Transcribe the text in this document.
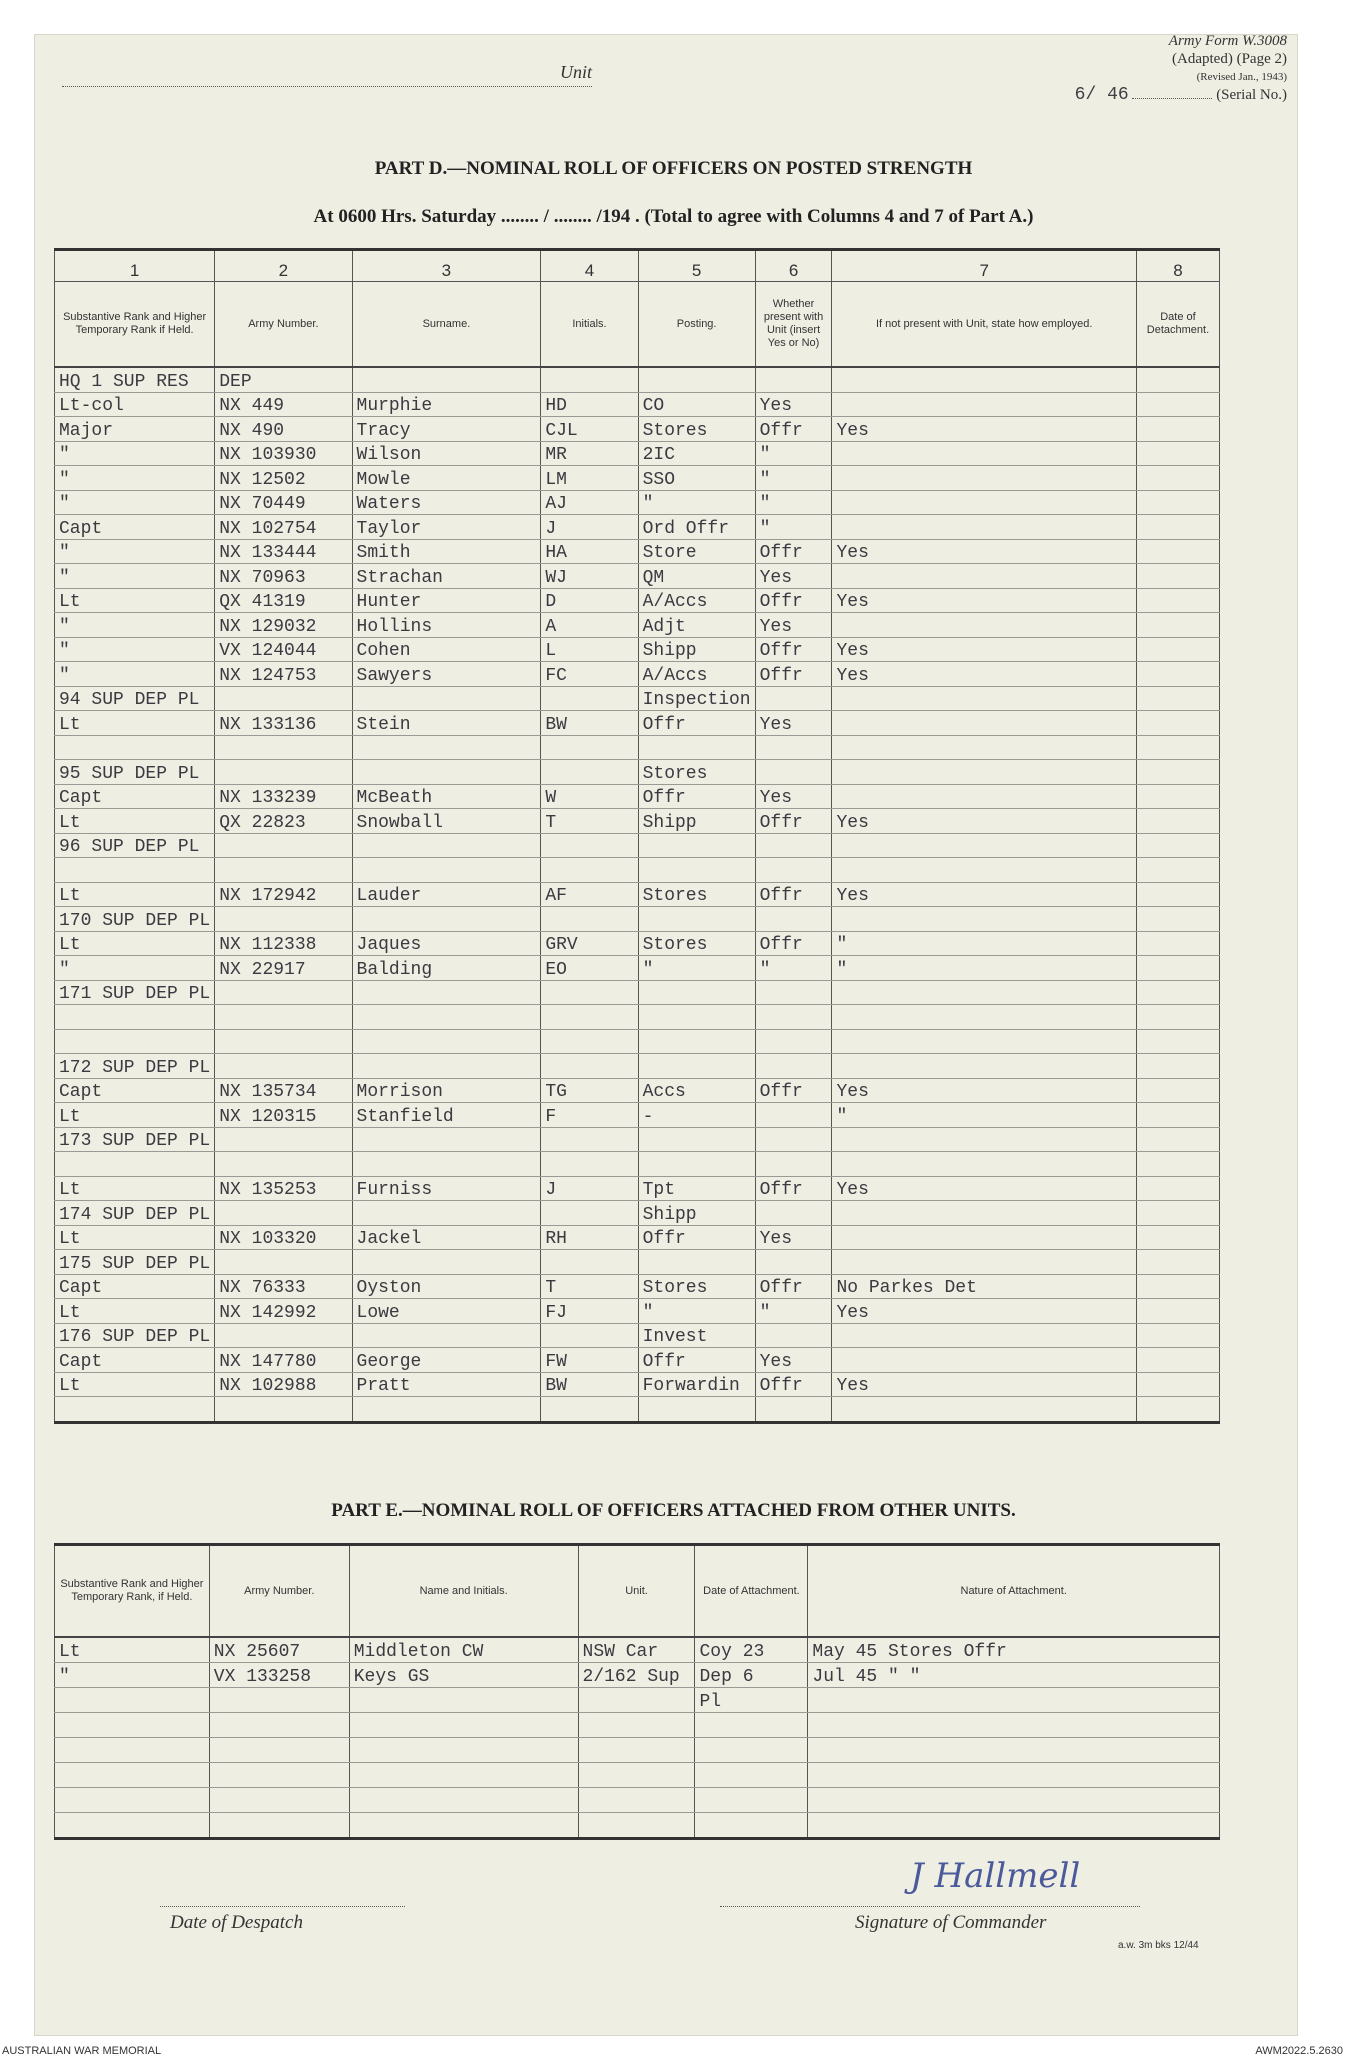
Unit
Army Form W.3008
(Adapted) (Page 2)
(Revised Jan., 1943)
6/ 46	(Serial No.)
PART D.—NOMINAL ROLL OF OFFICERS ON POSTED STRENGTH
At 0600 Hrs. Saturday ........ / ........ /194 . (Total to agree with Columns 4 and 7 of Part A.)
1	2	3	4	5	6	7	8
Substantive Rank and Higher Temporary Rank if Held.	Army Number.	Surname.	Initials.	Posting.	Whether present with Unit (insert Yes or No)	If not present with Unit, state how employed.	Date of Detachment.
HQ 1 SUP RES	DEP						
Lt-col	NX 449	Murphie	HD	CO	Yes		
Major	NX 490	Tracy	CJL	Stores	Offr	Yes	
"	NX 103930	Wilson	MR	2IC	"		
"	NX 12502	Mowle	LM	SSO	"		
"	NX 70449	Waters	AJ	"	"		
Capt	NX 102754	Taylor	J	Ord Offr	"		
"	NX 133444	Smith	HA	Store	Offr	Yes	
"	NX 70963	Strachan	WJ	QM	Yes		
Lt	QX 41319	Hunter	D	A/Accs	Offr	Yes	
"	NX 129032	Hollins	A	Adjt	Yes		
"	VX 124044	Cohen	L	Shipp	Offr	Yes	
"	NX 124753	Sawyers	FC	A/Accs	Offr	Yes	
94 SUP DEP PL				Inspection			
Lt	NX 133136	Stein	BW	Offr	Yes		

95 SUP DEP PL				Stores			
Capt	NX 133239	McBeath	W	Offr	Yes		
Lt	QX 22823	Snowball	T	Shipp	Offr	Yes	
96 SUP DEP PL							

Lt	NX 172942	Lauder	AF	Stores	Offr	Yes	
170 SUP DEP PL							
Lt	NX 112338	Jaques	GRV	Stores	Offr	"	
"	NX 22917	Balding	EO	"	"	"	
171 SUP DEP PL							

172 SUP DEP PL							
Capt	NX 135734	Morrison	TG	Accs	Offr	Yes	
Lt	NX 120315	Stanfield	F	-		"	
173 SUP DEP PL							

Lt	NX 135253	Furniss	J	Tpt	Offr	Yes	
174 SUP DEP PL				Shipp			
Lt	NX 103320	Jackel	RH	Offr	Yes		
175 SUP DEP PL							
Capt	NX 76333	Oyston	T	Stores	Offr	No Parkes Det	
Lt	NX 142992	Lowe	FJ	"	"	Yes	
176 SUP DEP PL				Invest			
Capt	NX 147780	George	FW	Offr	Yes		
Lt	NX 102988	Pratt	BW	Forwardin	Offr	Yes	

PART E.—NOMINAL ROLL OF OFFICERS ATTACHED FROM OTHER UNITS.
Substantive Rank and Higher Temporary Rank, if Held.	Army Number.	Name and Initials.	Unit.	Date of Attachment.	Nature of Attachment.
Lt	NX 25607	Middleton CW	NSW Car	Coy 23	May 45 Stores Offr
"	VX 133258	Keys GS	2/162 Sup	Dep 6	Jul 45 " "
				Pl	

Date of Despatch
J Hallmell
Signature of Commander
a.w. 3m bks 12/44
AUSTRALIAN WAR MEMORIAL	AWM2022.5.2630
